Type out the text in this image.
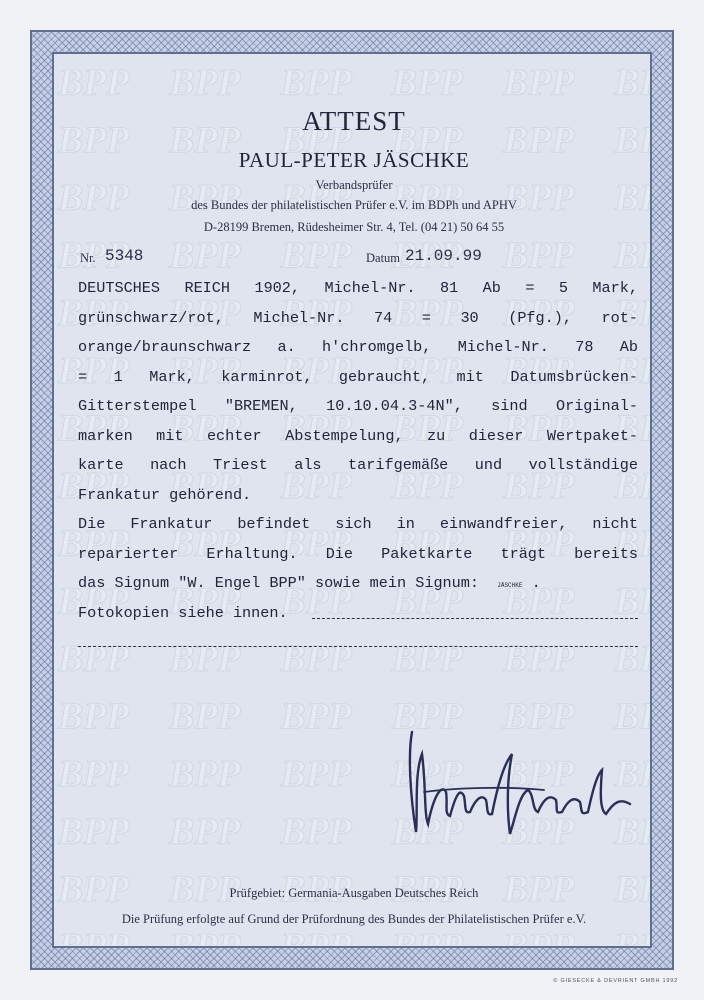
ATTEST
PAUL-PETER JÄSCHKE
Verbandsprüfer
des Bundes der philatelistischen Prüfer e.V. im BDPh und APHV
D-28199 Bremen, Rüdesheimer Str. 4, Tel. (04 21) 50 64 55
Nr. 5348	Datum 21.09.99
DEUTSCHES REICH 1902, Michel-Nr. 81 Ab = 5 Mark,
grünschwarz/rot, Michel-Nr. 74 = 30 (Pfg.), rot-
orange/braunschwarz a. h'chromgelb, Michel-Nr. 78 Ab
= 1 Mark, karminrot, gebraucht, mit Datumsbrücken-
Gitterstempel "BREMEN, 10.10.04.3-4N", sind Original-
marken mit echter Abstempelung, zu dieser Wertpaket-
karte nach Triest als tarifgemäße und vollständige
Frankatur gehörend.
Die Frankatur befindet sich in einwandfreier, nicht
reparierter Erhaltung. Die Paketkarte trägt bereits
das Signum "W. Engel BPP" sowie mein Signum:	JÄSCHKE .
Fotokopien siehe innen.
Prüfgebiet: Germania-Ausgaben Deutsches Reich
Die Prüfung erfolgte auf Grund der Prüfordnung des Bundes der Philatelistischen Prüfer e.V.
© GIESECKE & DEVRIENT GMBH 1992
